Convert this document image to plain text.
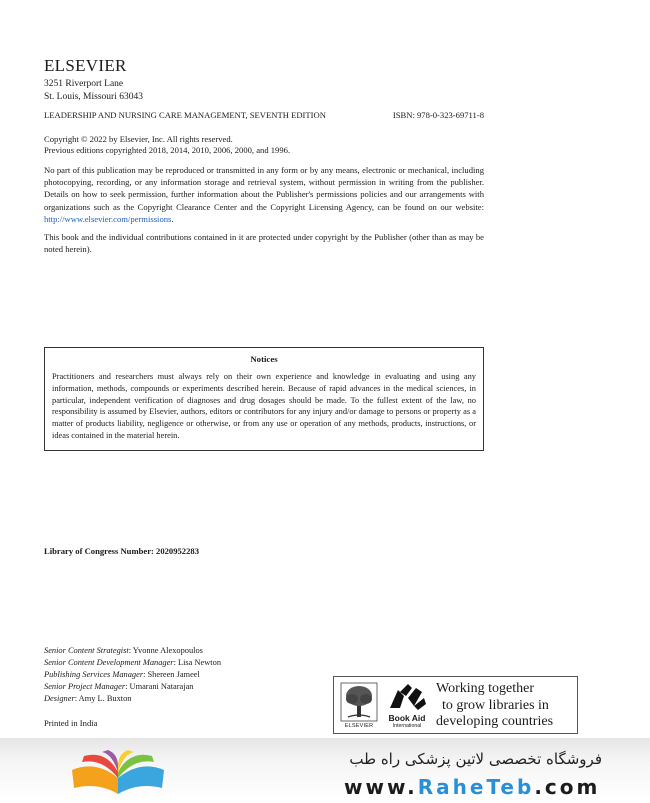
ELSEVIER
3251 Riverport Lane
St. Louis, Missouri 63043
LEADERSHIP AND NURSING CARE MANAGEMENT, SEVENTH EDITION	ISBN: 978-0-323-69711-8
Copyright © 2022 by Elsevier, Inc. All rights reserved.
Previous editions copyrighted 2018, 2014, 2010, 2006, 2000, and 1996.
No part of this publication may be reproduced or transmitted in any form or by any means, electronic or mechanical, including photocopying, recording, or any information storage and retrieval system, without permission in writing from the publisher. Details on how to seek permission, further information about the Publisher's permissions policies and our arrangements with organizations such as the Copyright Clearance Center and the Copyright Licensing Agency, can be found on our website: http://www.elsevier.com/permissions.
This book and the individual contributions contained in it are protected under copyright by the Publisher (other than as may be noted herein).
Notices
Practitioners and researchers must always rely on their own experience and knowledge in evaluating and using any information, methods, compounds or experiments described herein. Because of rapid advances in the medical sciences, in particular, independent verification of diagnoses and drug dosages should be made. To the fullest extent of the law, no responsibility is assumed by Elsevier, authors, editors or contributors for any injury and/or damage to persons or property as a matter of products liability, negligence or otherwise, or from any use or operation of any methods, products, instructions, or ideas contained in the material herein.
Library of Congress Number: 2020952283
Senior Content Strategist: Yvonne Alexopoulos
Senior Content Development Manager: Lisa Newton
Publishing Services Manager: Shereen Jameel
Senior Project Manager: Umarani Natarajan
Designer: Amy L. Buxton
Printed in India	ELSEVIER
Book Aid
International
Working together
to grow libraries in
developing countries
فروشگاه تخصصی لاتین پزشکی راه طب
www.RaheTeb.com
